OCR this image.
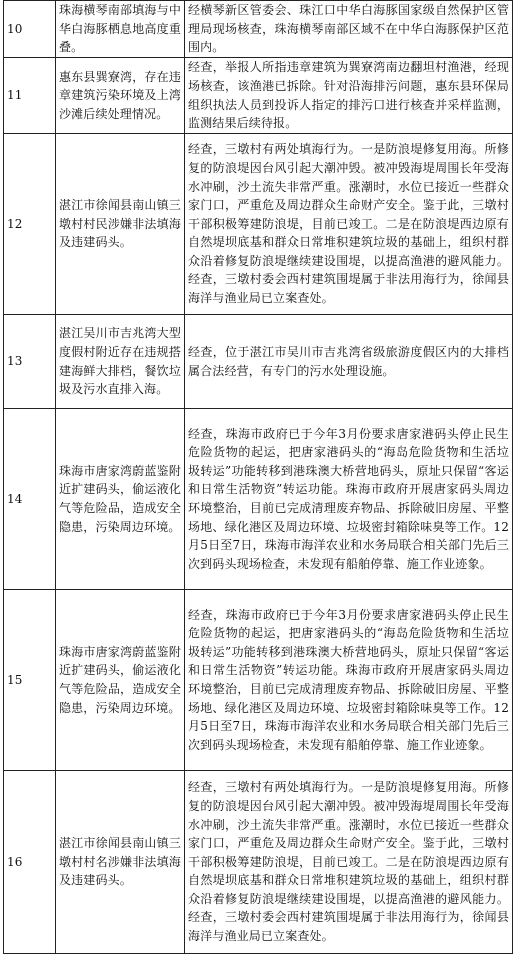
10	珠海横琴南部填海与中华白海豚栖息地高度重叠。	经横琴新区管委会、珠江口中华白海豚国家级自然保护区管理局现场核查，珠海横琴南部区域不在中华白海豚保护区范围内。
11	惠东县巽寮湾，存在违章建筑污染环境及上湾沙滩后续处理情况。	经查，举报人所指违章建筑为巽寮湾南边翻坦村渔港，经现场核查，该渔港已拆除。针对沿海排污问题，惠东县环保局组织执法人员到投诉人指定的排污口进行核查并采样监测，监测结果后续待报。
12	湛江市徐闻县南山镇三墩村村民涉嫌非法填海及违建码头。	经查，三墩村有两处填海行为。一是防浪堤修复用海。所修复的防浪堤因台风引起大潮冲毁。被冲毁海堤周围长年受海水冲刷，沙土流失非常严重。涨潮时，水位已接近一些群众家门口，严重危及周边群众生命财产安全。鉴于此，三墩村干部积极筹建防浪堤，目前已竣工。二是在防浪堤西边原有自然堤坝底基和群众日常堆积建筑垃圾的基础上，组织村群众沿着修复防浪堤继续建设围堤，以提高渔港的避风能力。经查，三墩村委会西村建筑围堤属于非法用海行为，徐闻县海洋与渔业局已立案查处。
13	湛江吴川市吉兆湾大型度假村附近存在违规搭建海鲜大排档，餐饮垃圾及污水直排入海。	经查，位于湛江市吴川市吉兆湾省级旅游度假区内的大排档属合法经营，有专门的污水处理设施。
14	珠海市唐家湾蔚蓝鉴附近扩建码头，偷运液化气等危险品，造成安全隐患，污染周边环境。	经查，珠海市政府已于今年3月份要求唐家港码头停止民生危险货物的起运，把唐家港码头的“海岛危险货物和生活垃圾转运”功能转移到港珠澳大桥营地码头，原址只保留“客运和日常生活物资”转运功能。珠海市政府开展唐家码头周边环境整治，目前已完成清理废弃物品、拆除破旧房屋、平整场地、绿化港区及周边环境、垃圾密封箱除味臭等工作。12月5日至7日，珠海市海洋农业和水务局联合相关部门先后三次到码头现场检查，未发现有船舶停靠、施工作业迹象。
15	珠海市唐家湾蔚蓝鉴附近扩建码头，偷运液化气等危险品，造成安全隐患，污染周边环境。	经查，珠海市政府已于今年3月份要求唐家港码头停止民生危险货物的起运，把唐家港码头的“海岛危险货物和生活垃圾转运”功能转移到港珠澳大桥营地码头，原址只保留“客运和日常生活物资”转运功能。珠海市政府开展唐家码头周边环境整治，目前已完成清理废弃物品、拆除破旧房屋、平整场地、绿化港区及周边环境、垃圾密封箱除味臭等工作。12月5日至7日，珠海市海洋农业和水务局联合相关部门先后三次到码头现场检查，未发现有船舶停靠、施工作业迹象。
16	湛江市徐闻县南山镇三墩村村名涉嫌非法填海及违建码头。	经查，三墩村有两处填海行为。一是防浪堤修复用海。所修复的防浪堤因台风引起大潮冲毁。被冲毁海堤周围长年受海水冲刷，沙土流失非常严重。涨潮时，水位已接近一些群众家门口，严重危及周边群众生命财产安全。鉴于此，三墩村干部积极筹建防浪堤，目前已竣工。二是在防浪堤西边原有自然堤坝底基和群众日常堆积建筑垃圾的基础上，组织村群众沿着修复防浪堤继续建设围堤，以提高渔港的避风能力。经查，三墩村委会西村建筑围堤属于非法用海行为，徐闻县海洋与渔业局已立案查处。
